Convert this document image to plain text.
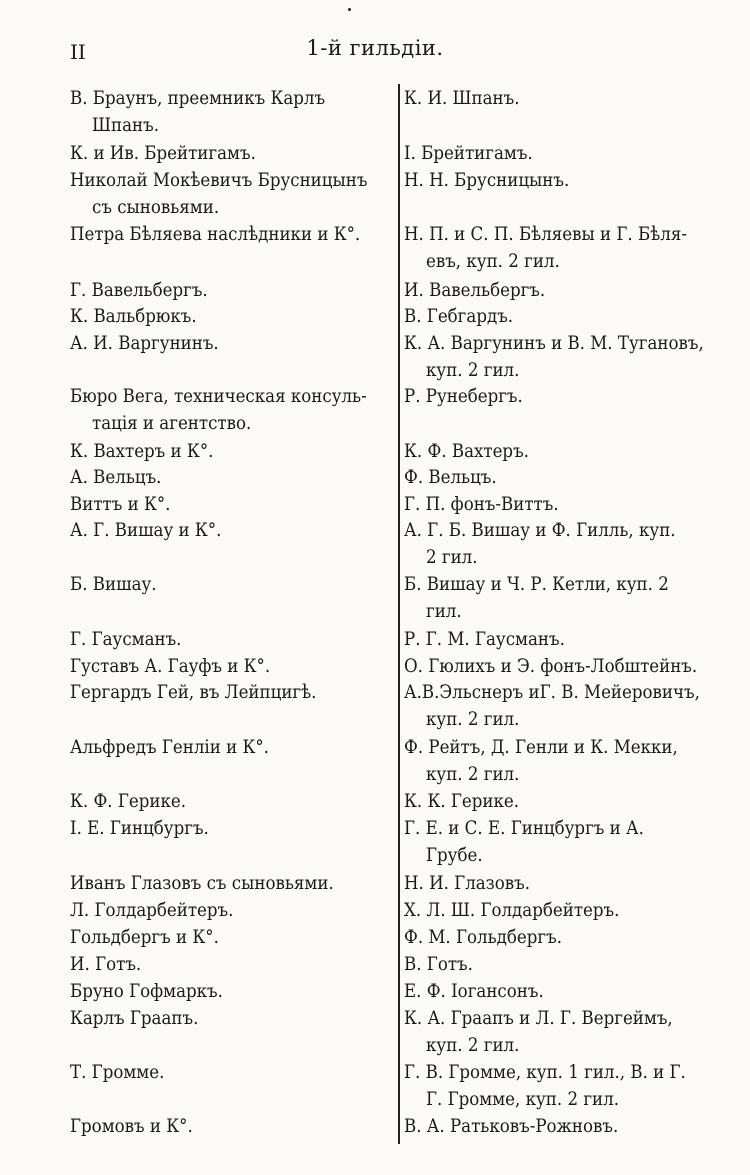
II	1-й гильдіи.
В. Браунъ, преемникъ Карлъ
Шпанъ.
К. и Ив. Брейтигамъ.
Николай Мокѣевичъ Брусницынъ
съ сыновьями.
Петра Бѣляева наслѣдники и К°.
Г. Вавельбергъ.
К. Вальбрюкъ.
А. И. Варгунинъ.
Бюро Вега, техническая консуль-
тація и агентство.
К. Вахтеръ и К°.
А. Вельцъ.
Виттъ и К°.
А. Г. Вишау и К°.
Б. Вишау.
Г. Гаусманъ.
Густавъ А. Гауфъ и К°.
Гергардъ Гей, въ Лейпцигѣ.
Альфредъ Генліи и К°.
К. Ф. Герике.
І. Е. Гинцбургъ.
Иванъ Глазовъ съ сыновьями.
Л. Голдарбейтеръ.
Гольдбергъ и К°.
И. Готъ.
Бруно Гофмаркъ.
Карлъ Граапъ.
Т. Громме.
Громовъ и К°.
К. И. Шпанъ.
І. Брейтигамъ.
Н. Н. Брусницынъ.
Н. П. и С. П. Бѣляевы и Г. Бѣля-
евъ, куп. 2 гил.
И. Вавельбергъ.
В. Гебгардъ.
К. А. Варгунинъ и В. М. Тугановъ,
куп. 2 гил.
Р. Рунебергъ.
К. Ф. Вахтеръ.
Ф. Вельцъ.
Г. П. фонъ-Виттъ.
А. Г. Б. Вишау и Ф. Гилль, куп.
2 гил.
Б. Вишау и Ч. Р. Кетли, куп. 2
гил.
Р. Г. М. Гаусманъ.
О. Гюлихъ и Э. фонъ-Лобштейнъ.
А.В.Эльснеръ иГ. В. Мейеровичъ,
куп. 2 гил.
Ф. Рейтъ, Д. Генли и К. Мекки,
куп. 2 гил.
К. К. Герике.
Г. Е. и С. Е. Гинцбургъ и А.
Грубе.
Н. И. Глазовъ.
Х. Л. Ш. Голдарбейтеръ.
Ф. М. Гольдбергъ.
В. Готъ.
Е. Ф. Іогансонъ.
К. А. Граапъ и Л. Г. Вергеймъ,
куп. 2 гил.
Г. В. Громме, куп. 1 гил., В. и Г.
Г. Громме, куп. 2 гил.
В. А. Ратьковъ-Рожновъ.
